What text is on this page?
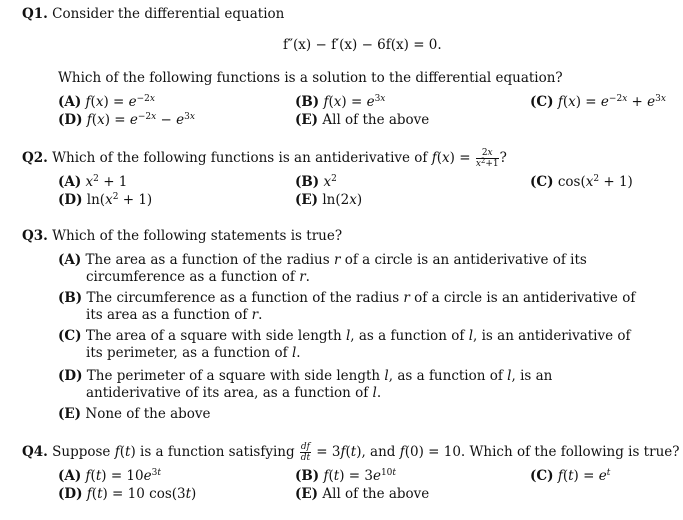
Q1. Consider the differential equation
f″(x) − f′(x) − 6f(x) = 0.
Which of the following functions is a solution to the differential equation?
(A) $f(x) = e^{-2x}$	(B) $f(x) = e^{3x}$	(C) $f(x) = e^{-2x} + e^{3x}$
(D) $f(x) = e^{-2x} - e^{3x}$	(E) All of the above
Q2. Which of the following functions is an antiderivative of $f(x) = \frac{2x}{x^2+1}$ ?
(A) $x^2 + 1$	(B) $x^2$	(C) $\cos(x^2 + 1)$
(D) $\ln(x^2 + 1)$	(E) ln(2x)
Q3. Which of the following statements is true?
(A) The area as a function of the radius r of a circle is an antiderivative of its circumference as a function of r.
(B) The circumference as a function of the radius r of a circle is an antiderivative of its area as a function of r.
(C) The area of a square with side length l, as a function of l, is an antiderivative of its perimeter, as a function of l.
(D) The perimeter of a square with side length l, as a function of l, is an antiderivative of its area, as a function of l.
(E) None of the above
Q4. Suppose f(t) is a function satisfying $\frac{df}{dt} = 3f(t)$, and f(0) = 10. Which of the following is true?
(A) $f(t) = 10e^{3t}$	(B) $f(t) = 3e^{10t}$	(C) $f(t) = e^t$
(D) f(t) = 10 cos(3t)	(E) All of the above
